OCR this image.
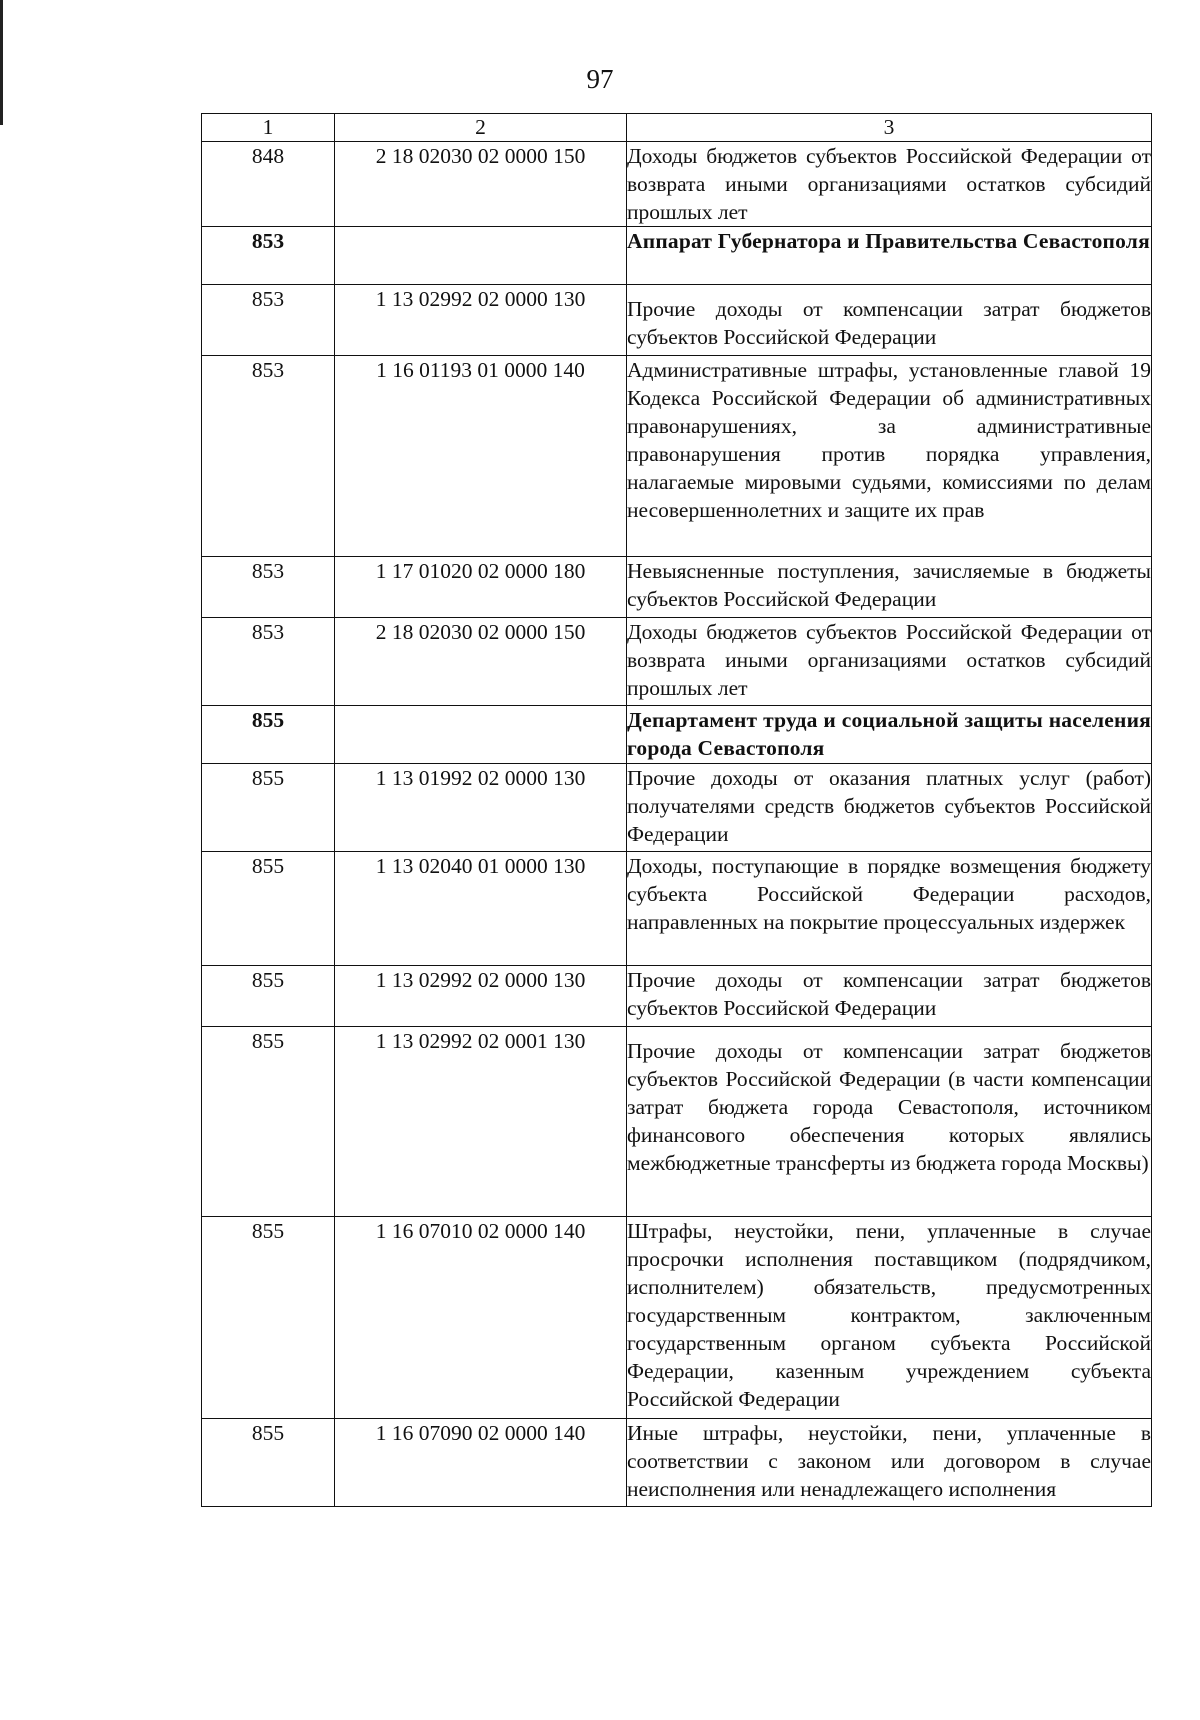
97
1	2	3
848	2 18 02030 02 0000 150	Доходы бюджетов субъектов Российской Федерации от возврата иными организациями остатков субсидий прошлых лет
853		Аппарат Губернатора и Правительства Севастополя
853	1 13 02992 02 0000 130	Прочие доходы от компенсации затрат бюджетов субъектов Российской Федерации
853	1 16 01193 01 0000 140	Административные штрафы, установленные главой 19 Кодекса Российской Федерации об административных правонарушениях, за административные правонарушения против порядка управления, налагаемые мировыми судьями, комиссиями по делам несовершеннолетних и защите их прав
853	1 17 01020 02 0000 180	Невыясненные поступления, зачисляемые в бюджеты субъектов Российской Федерации
853	2 18 02030 02 0000 150	Доходы бюджетов субъектов Российской Федерации от возврата иными организациями остатков субсидий прошлых лет
855		Департамент труда и социальной защиты населения города Севастополя
855	1 13 01992 02 0000 130	Прочие доходы от оказания платных услуг (работ) получателями средств бюджетов субъектов Российской Федерации
855	1 13 02040 01 0000 130	Доходы, поступающие в порядке возмещения бюджету субъекта Российской Федерации расходов, направленных на покрытие процессуальных издержек
855	1 13 02992 02 0000 130	Прочие доходы от компенсации затрат бюджетов субъектов Российской Федерации
855	1 13 02992 02 0001 130	Прочие доходы от компенсации затрат бюджетов субъектов Российской Федерации (в части компенсации затрат бюджета города Севастополя, источником финансового обеспечения которых являлись межбюджетные трансферты из бюджета города Москвы)
855	1 16 07010 02 0000 140	Штрафы, неустойки, пени, уплаченные в случае просрочки исполнения поставщиком (подрядчиком, исполнителем) обязательств, предусмотренных государственным контрактом, заключенным государственным органом субъекта Российской Федерации, казенным учреждением субъекта Российской Федерации
855	1 16 07090 02 0000 140	Иные штрафы, неустойки, пени, уплаченные в соответствии с законом или договором в случае неисполнения или ненадлежащего исполнения
